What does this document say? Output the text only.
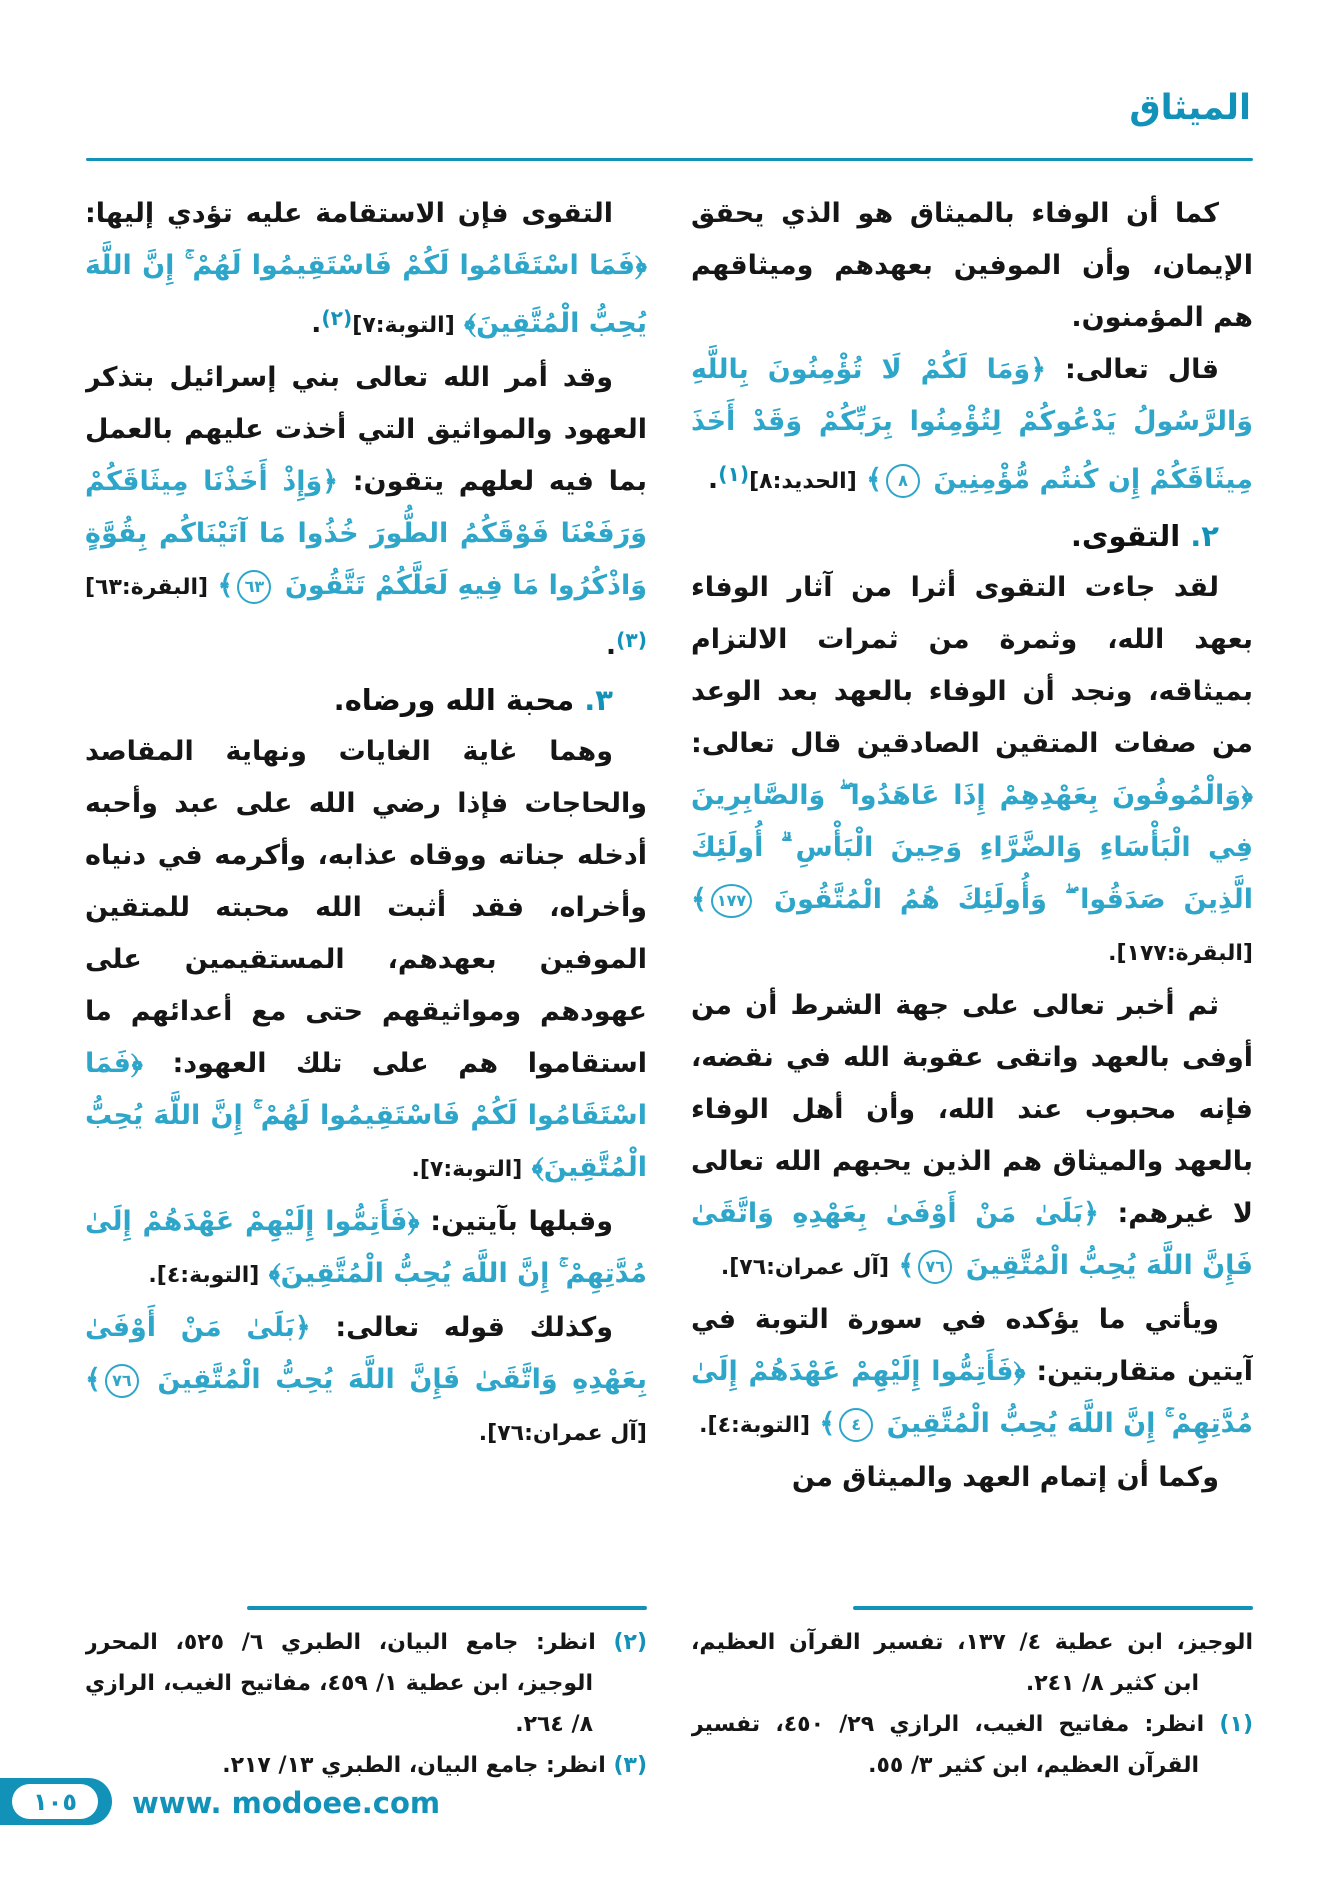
الميثاق

كما أن الوفاء بالميثاق هو الذي يحقق الإيمان، وأن الموفين بعهدهم وميثاقهم هم المؤمنون.

قال تعالى: ﴿وَمَا لَكُمْ لَا تُؤْمِنُونَ بِاللَّهِ وَالرَّسُولُ يَدْعُوكُمْ لِتُؤْمِنُوا بِرَبِّكُمْ وَقَدْ أَخَذَ مِيثَاقَكُمْ إِن كُنتُم مُّؤْمِنِينَ ٨﴾ [الحديد:٨]$^{(١)}$.

٢. التقوى.

لقد جاءت التقوى أثرا من آثار الوفاء بعهد الله، وثمرة من ثمرات الالتزام بميثاقه، ونجد أن الوفاء بالعهد بعد الوعد من صفات المتقين الصادقين قال تعالى: ﴿وَالْمُوفُونَ بِعَهْدِهِمْ إِذَا عَاهَدُوا ۖ وَالصَّابِرِينَ فِي الْبَأْسَاءِ وَالضَّرَّاءِ وَحِينَ الْبَأْسِ ۗ أُولَئِكَ الَّذِينَ صَدَقُوا ۖ وَأُولَئِكَ هُمُ الْمُتَّقُونَ ١٧٧﴾ [البقرة:١٧٧].

ثم أخبر تعالى على جهة الشرط أن من أوفى بالعهد واتقى عقوبة الله في نقضه، فإنه محبوب عند الله، وأن أهل الوفاء بالعهد والميثاق هم الذين يحبهم الله تعالى لا غيرهم: ﴿بَلَىٰ مَنْ أَوْفَىٰ بِعَهْدِهِ وَاتَّقَىٰ فَإِنَّ اللَّهَ يُحِبُّ الْمُتَّقِينَ ٧٦﴾ [آل عمران:٧٦].

ويأتي ما يؤكده في سورة التوبة في آيتين متقاربتين: ﴿فَأَتِمُّوا إِلَيْهِمْ عَهْدَهُمْ إِلَىٰ مُدَّتِهِمْ ۚ إِنَّ اللَّهَ يُحِبُّ الْمُتَّقِينَ ٤﴾ [التوبة:٤].

وكما أن إتمام العهد والميثاق من

التقوى فإن الاستقامة عليه تؤدي إليها: ﴿فَمَا اسْتَقَامُوا لَكُمْ فَاسْتَقِيمُوا لَهُمْ ۚ إِنَّ اللَّهَ يُحِبُّ الْمُتَّقِينَ﴾ [التوبة:٧]$^{(٢)}$.

وقد أمر الله تعالى بني إسرائيل بتذكر العهود والمواثيق التي أخذت عليهم بالعمل بما فيه لعلهم يتقون: ﴿وَإِذْ أَخَذْنَا مِيثَاقَكُمْ وَرَفَعْنَا فَوْقَكُمُ الطُّورَ خُذُوا مَا آتَيْنَاكُم بِقُوَّةٍ وَاذْكُرُوا مَا فِيهِ لَعَلَّكُمْ تَتَّقُونَ ٦٣﴾ [البقرة:٦٣]$^{(٣)}$.

٣. محبة الله ورضاه.

وهما غاية الغايات ونهاية المقاصد والحاجات فإذا رضي الله على عبد وأحبه أدخله جناته ووقاه عذابه، وأكرمه في دنياه وأخراه، فقد أثبت الله محبته للمتقين الموفين بعهدهم، المستقيمين على عهودهم ومواثيقهم حتى مع أعدائهم ما استقاموا هم على تلك العهود: ﴿فَمَا اسْتَقَامُوا لَكُمْ فَاسْتَقِيمُوا لَهُمْ ۚ إِنَّ اللَّهَ يُحِبُّ الْمُتَّقِينَ﴾ [التوبة:٧].

وقبلها بآيتين: ﴿فَأَتِمُّوا إِلَيْهِمْ عَهْدَهُمْ إِلَىٰ مُدَّتِهِمْ ۚ إِنَّ اللَّهَ يُحِبُّ الْمُتَّقِينَ﴾ [التوبة:٤].

وكذلك قوله تعالى: ﴿بَلَىٰ مَنْ أَوْفَىٰ بِعَهْدِهِ وَاتَّقَىٰ فَإِنَّ اللَّهَ يُحِبُّ الْمُتَّقِينَ ٧٦﴾ [آل عمران:٧٦].

الوجيز، ابن عطية ٤/ ١٣٧، تفسير القرآن العظيم، ابن كثير ٨/ ٢٤١.

(١) انظر: مفاتيح الغيب، الرازي ٢٩/ ٤٥٠، تفسير القرآن العظيم، ابن كثير ٣/ ٥٥.

(٢) انظر: جامع البيان، الطبري ٦/ ٥٢٥، المحرر الوجيز، ابن عطية ١/ ٤٥٩، مفاتيح الغيب، الرازي ٨/ ٢٦٤.

(٣) انظر: جامع البيان، الطبري ١٣/ ٢١٧.

١٠٥ www. modoee.com
